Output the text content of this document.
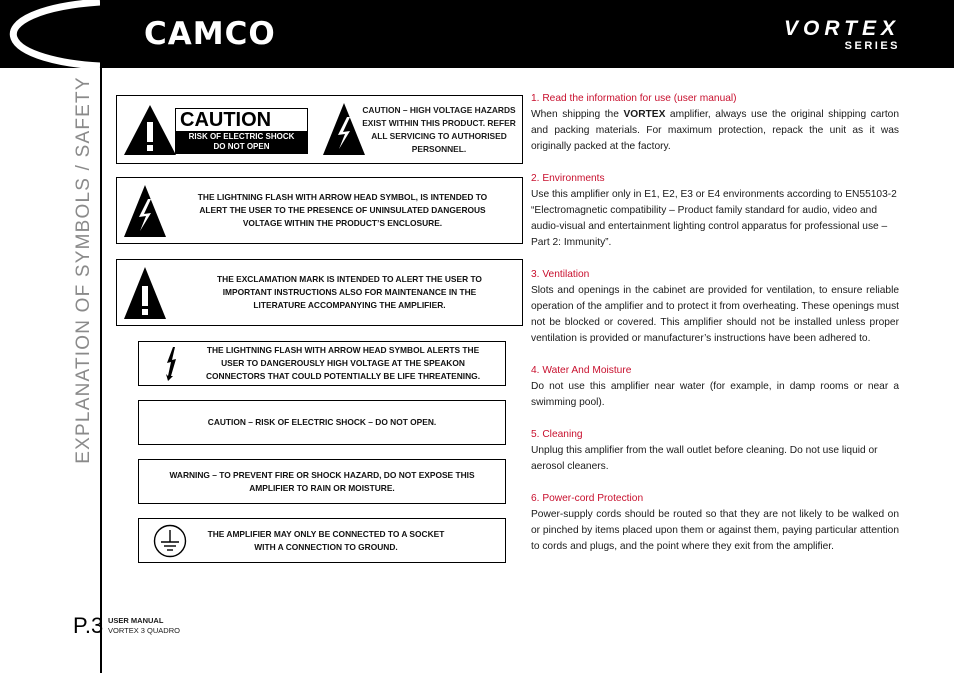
CAMCO	VORTEX
SERIES
EXPLANATION OF SYMBOLS / SAFETY
P.3 USER MANUAL
VORTEX 3 QUADRO
CAUTION – HIGH VOLTAGE HAZARDS EXIST WITHIN THIS PRODUCT. REFER ALL SERVICING TO AUTHORISED PERSONNEL.
CAUTION
RISK OF ELECTRIC SHOCK
DO NOT OPEN
THE LIGHTNING FLASH WITH ARROW HEAD SYMBOL, IS INTENDED TO ALERT THE USER TO THE PRESENCE OF UNINSULATED DANGEROUS VOLTAGE WITHIN THE PRODUCT’S ENCLOSURE.
THE EXCLAMATION MARK IS INTENDED TO ALERT THE USER TO IMPORTANT INSTRUCTIONS ALSO FOR MAINTENANCE IN THE LITERATURE ACCOMPANYING THE AMPLIFIER.
THE LIGHTNING FLASH WITH ARROW HEAD SYMBOL ALERTS THE USER TO DANGEROUSLY HIGH VOLTAGE AT THE SPEAKON CONNECTORS THAT COULD POTENTIALLY BE LIFE THREATENING.
CAUTION – RISK OF ELECTRIC SHOCK – DO NOT OPEN.
WARNING – TO PREVENT FIRE OR SHOCK HAZARD, DO NOT EXPOSE THIS AMPLIFIER TO RAIN OR MOISTURE.
THE AMPLIFIER MAY ONLY BE CONNECTED TO A SOCKET WITH A CONNECTION TO GROUND.
1. Read the information for use (user manual)
When shipping the VORTEX amplifier, always use the original shipping carton and packing materials. For maximum protection, repack the unit as it was originally packed at the factory.
2. Environments
Use this amplifier only in E1, E2, E3 or E4 environments according to EN55103-2 “Electromagnetic compatibility – Product family standard for audio, video and audio-visual and entertainment lighting control apparatus for professional use – Part 2: Immunity”.
3. Ventilation
Slots and openings in the cabinet are provided for ventilation, to ensure reliable operation of the amplifier and to protect it from overheating. These openings must not be blocked or covered. This amplifier should not be installed unless proper ventilation is provided or manufacturer’s instructions have been adhered to.
4. Water And Moisture
Do not use this amplifier near water (for example, in damp rooms or near a swimming pool).
5. Cleaning
Unplug this amplifier from the wall outlet before cleaning. Do not use liquid or aerosol cleaners.
6. Power-cord Protection
Power-supply cords should be routed so that they are not likely to be walked on or pinched by items placed upon them or against them, paying particular attention to cords and plugs, and the point where they exit from the amplifier.
